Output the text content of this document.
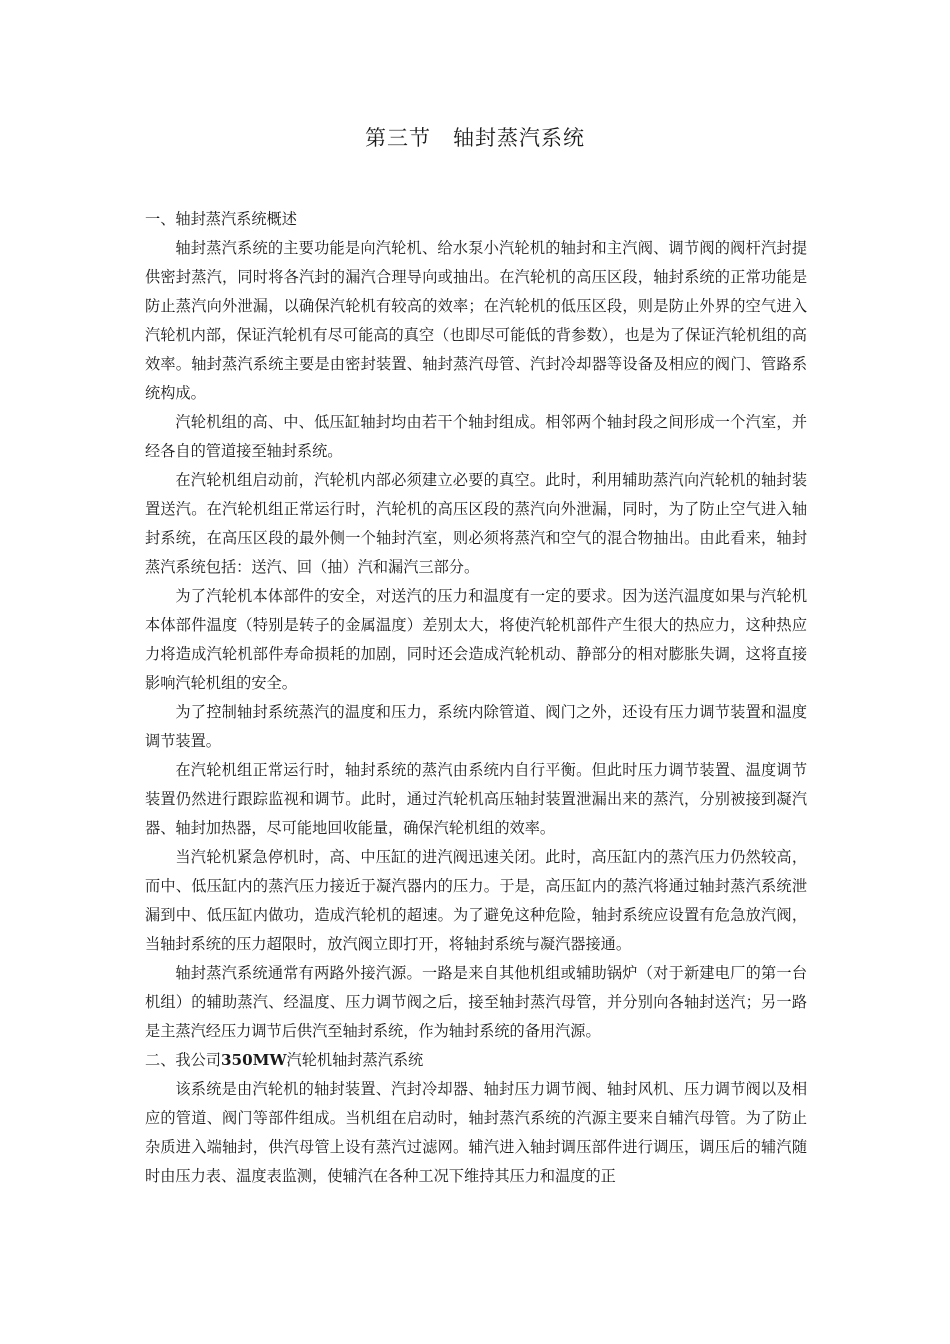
第三节 轴封蒸汽系统

一、轴封蒸汽系统概述

轴封蒸汽系统的主要功能是向汽轮机、给水泵小汽轮机的轴封和主汽阀、调节阀的阀杆汽封提供密封蒸汽，同时将各汽封的漏汽合理导向或抽出。在汽轮机的高压区段，轴封系统的正常功能是防止蒸汽向外泄漏，以确保汽轮机有较高的效率；在汽轮机的低压区段，则是防止外界的空气进入汽轮机内部，保证汽轮机有尽可能高的真空（也即尽可能低的背参数），也是为了保证汽轮机组的高效率。轴封蒸汽系统主要是由密封装置、轴封蒸汽母管、汽封冷却器等设备及相应的阀门、管路系统构成。

汽轮机组的高、中、低压缸轴封均由若干个轴封组成。相邻两个轴封段之间形成一个汽室，并经各自的管道接至轴封系统。

在汽轮机组启动前，汽轮机内部必须建立必要的真空。此时，利用辅助蒸汽向汽轮机的轴封装置送汽。在汽轮机组正常运行时，汽轮机的高压区段的蒸汽向外泄漏，同时，为了防止空气进入轴封系统，在高压区段的最外侧一个轴封汽室，则必须将蒸汽和空气的混合物抽出。由此看来，轴封蒸汽系统包括：送汽、回（抽）汽和漏汽三部分。

为了汽轮机本体部件的安全，对送汽的压力和温度有一定的要求。因为送汽温度如果与汽轮机本体部件温度（特别是转子的金属温度）差别太大，将使汽轮机部件产生很大的热应力，这种热应力将造成汽轮机部件寿命损耗的加剧，同时还会造成汽轮机动、静部分的相对膨胀失调，这将直接影响汽轮机组的安全。

为了控制轴封系统蒸汽的温度和压力，系统内除管道、阀门之外，还设有压力调节装置和温度调节装置。

在汽轮机组正常运行时，轴封系统的蒸汽由系统内自行平衡。但此时压力调节装置、温度调节装置仍然进行跟踪监视和调节。此时，通过汽轮机高压轴封装置泄漏出来的蒸汽，分别被接到凝汽器、轴封加热器，尽可能地回收能量，确保汽轮机组的效率。

当汽轮机紧急停机时，高、中压缸的进汽阀迅速关闭。此时，高压缸内的蒸汽压力仍然较高，而中、低压缸内的蒸汽压力接近于凝汽器内的压力。于是，高压缸内的蒸汽将通过轴封蒸汽系统泄漏到中、低压缸内做功，造成汽轮机的超速。为了避免这种危险，轴封系统应设置有危急放汽阀，当轴封系统的压力超限时，放汽阀立即打开，将轴封系统与凝汽器接通。

轴封蒸汽系统通常有两路外接汽源。一路是来自其他机组或辅助锅炉（对于新建电厂的第一台机组）的辅助蒸汽、经温度、压力调节阀之后，接至轴封蒸汽母管，并分别向各轴封送汽；另一路是主蒸汽经压力调节后供汽至轴封系统，作为轴封系统的备用汽源。

二、我公司350MW汽轮机轴封蒸汽系统

该系统是由汽轮机的轴封装置、汽封冷却器、轴封压力调节阀、轴封风机、压力调节阀以及相应的管道、阀门等部件组成。当机组在启动时，轴封蒸汽系统的汽源主要来自辅汽母管。为了防止杂质进入端轴封，供汽母管上设有蒸汽过滤网。辅汽进入轴封调压部件进行调压，调压后的辅汽随时由压力表、温度表监测，使辅汽在各种工况下维持其压力和温度的正
